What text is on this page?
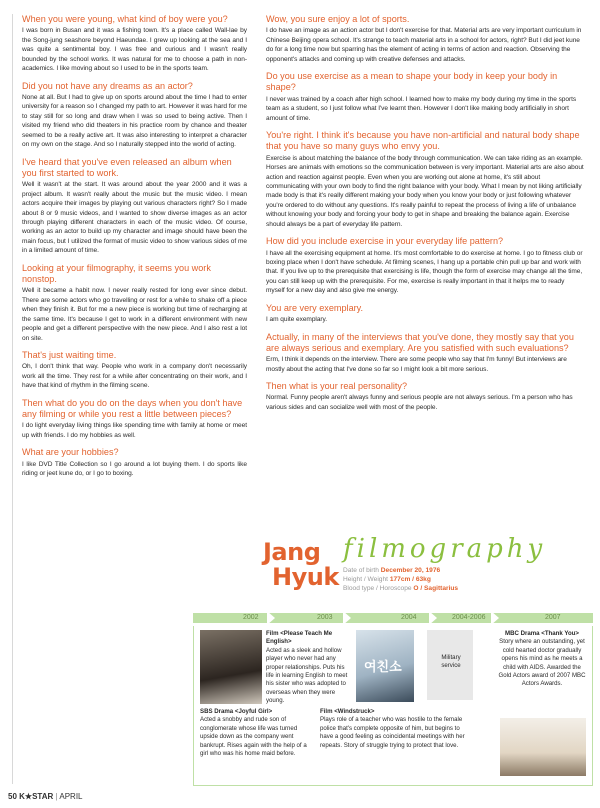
When you were young, what kind of boy were you?
I was born in Busan and it was a fishing town. It's a place called Wall-lae by the Song-jung seashore beyond Haeundae. I grew up looking at the sea and I was quite a sentimental boy. I was free and curious and I wasn't really bounded by the school works. It was natural for me to choose a path in non-academics. I like moving about so I used to be in the sports team.
Did you not have any dreams as an actor?
None at all. But I had to give up on sports around about the time I had to enter university for a reason so I changed my path to art. However it was hard for me to stay still for so long and draw when I was so used to being active. Then I visited my friend who did theaters in his practice room by chance and theater seemed to be a really active art. It was also interesting to interpret a character on my own on the stage. And so I naturally stepped into the world of acting.
I've heard that you've even released an album when you first started to work.
Well it wasn't at the start. It was around about the year 2000 and it was a project album. It wasn't really about the music but the music video. I mean actors acquire their images by playing out various characters right? So I made about 8 or 9 music videos, and I wanted to show diverse images as an actor through playing different characters in each of the music video. Of course, working as an actor to build up my character and image should have been the main focus, but I utilized the format of music video to show various sides of me in a limited amount of time.
Looking at your filmography, it seems you work nonstop.
Well it became a habit now. I never really rested for long ever since debut. There are some actors who go travelling or rest for a while to shake off a piece when they finish it. But for me a new piece is working but time of recharging at the same time. It's because I get to work in a different environment with new people and get a different perspective with the new piece. And I also rest a lot on site.
That's just waiting time.
Oh, I don't think that way. People who work in a company don't necessarily work all the time. They rest for a while after concentrating on their work, and I have that kind of rhythm in the filming scene.
Then what do you do on the days when you don't have any filming or while you rest a little between pieces?
I do light everyday living things like spending time with family at home or meet up with friends. I do my hobbies as well.
What are your hobbies?
I like DVD Title Collection so I go around a lot buying them. I do sports like riding or jeet kune do, or I go to boxing.
Wow, you sure enjoy a lot of sports.
I do have an image as an action actor but I don't exercise for that. Material arts are very important curriculum in Chinese Beijing opera school. It's strange to teach material arts in a school for actors, right? But I did jeet kune do for a long time now but sparring has the element of acting in terms of action and reaction. Observing the opponent's attacks and coming up with creative defenses and attacks.
Do you use exercise as a mean to shape your body in keep your body in shape?
I never was trained by a coach after high school. I learned how to make my body during my time in the sports team as a student, so I just follow what I've learnt then. However I don't like making body artificially in short amount of time.
You're right. I think it's because you have non-artificial and natural body shape that you have so many guys who envy you.
Exercise is about matching the balance of the body through communication. We can take riding as an example. Horses are animals with emotions so the communication between is very important. Material arts are also about action and reaction against people. Even when you are working out alone at home, it's still about communicating with your own body to find the right balance with your body. What I mean by not liking artificially made body is that it's really different making your body when you know your body or just following whatever you're ordered to do without any questions. It's really painful to repeat the process of living a life of unbalance without knowing your body and forcing your body to get in shape and breaking the balance again. Exercise should always be a part of everyday life pattern.
How did you include exercise in your everyday life pattern?
I have all the exercising equipment at home. It's most comfortable to do exercise at home. I go to fitness club or boxing place when I don't have schedule. At filming scenes, I hang up a portable chin pull up bar and work with that. If you live up to the prerequisite that exercising is life, though the form of exercise may change all the time, you can still keep up with the prerequisite. For me, exercise is really important in that it helps me to ready myself for a new day and also give me energy.
You are very exemplary.
I am quite exemplary.
Actually, in many of the interviews that you've done, they mostly say that you are always serious and exemplary. Are you satisfied with such evaluations?
Erm, I think it depends on the interview. There are some people who say that I'm funny! But interviews are mostly about the acting that I've done so far so I might look a bit more serious.
Then what is your real personality?
Normal. Funny people aren't always funny and serious people are not always serious. I'm a person who has various sides and can socialize well with most of the people.
Jang
Hyuk
filmography
Date of birth December 20, 1976
Height / Weight 177cm / 63kg
Blood type / Horoscope O / Sagittarius
2002	2003	2004	2004-2006	2007
Film <Please Teach Me English>
Acted as a sleek and hollow player who never had any proper relationships. Puts his life in learning English to meet his sister who was adopted to overseas when they were young.
여친소
Military service
MBC Drama <Thank You>
Story where an outstanding, yet cold hearted doctor gradually opens his mind as he meets a child with AIDS. Awarded the Gold Actors award of 2007 MBC Actors Awards.
SBS Drama <Joyful Girl>
Acted a snobby and rude son of conglomerate whose life was turned upside down as the company went bankrupt. Rises again with the help of a girl who was his home maid before.
Film <Windstruck>
Plays role of a teacher who was hostile to the female police that's complete opposite of him, but begins to have a good feeling as coincidental meetings with her repeats. Story of struggle trying to protect that love.
50 K★STAR | APRIL
